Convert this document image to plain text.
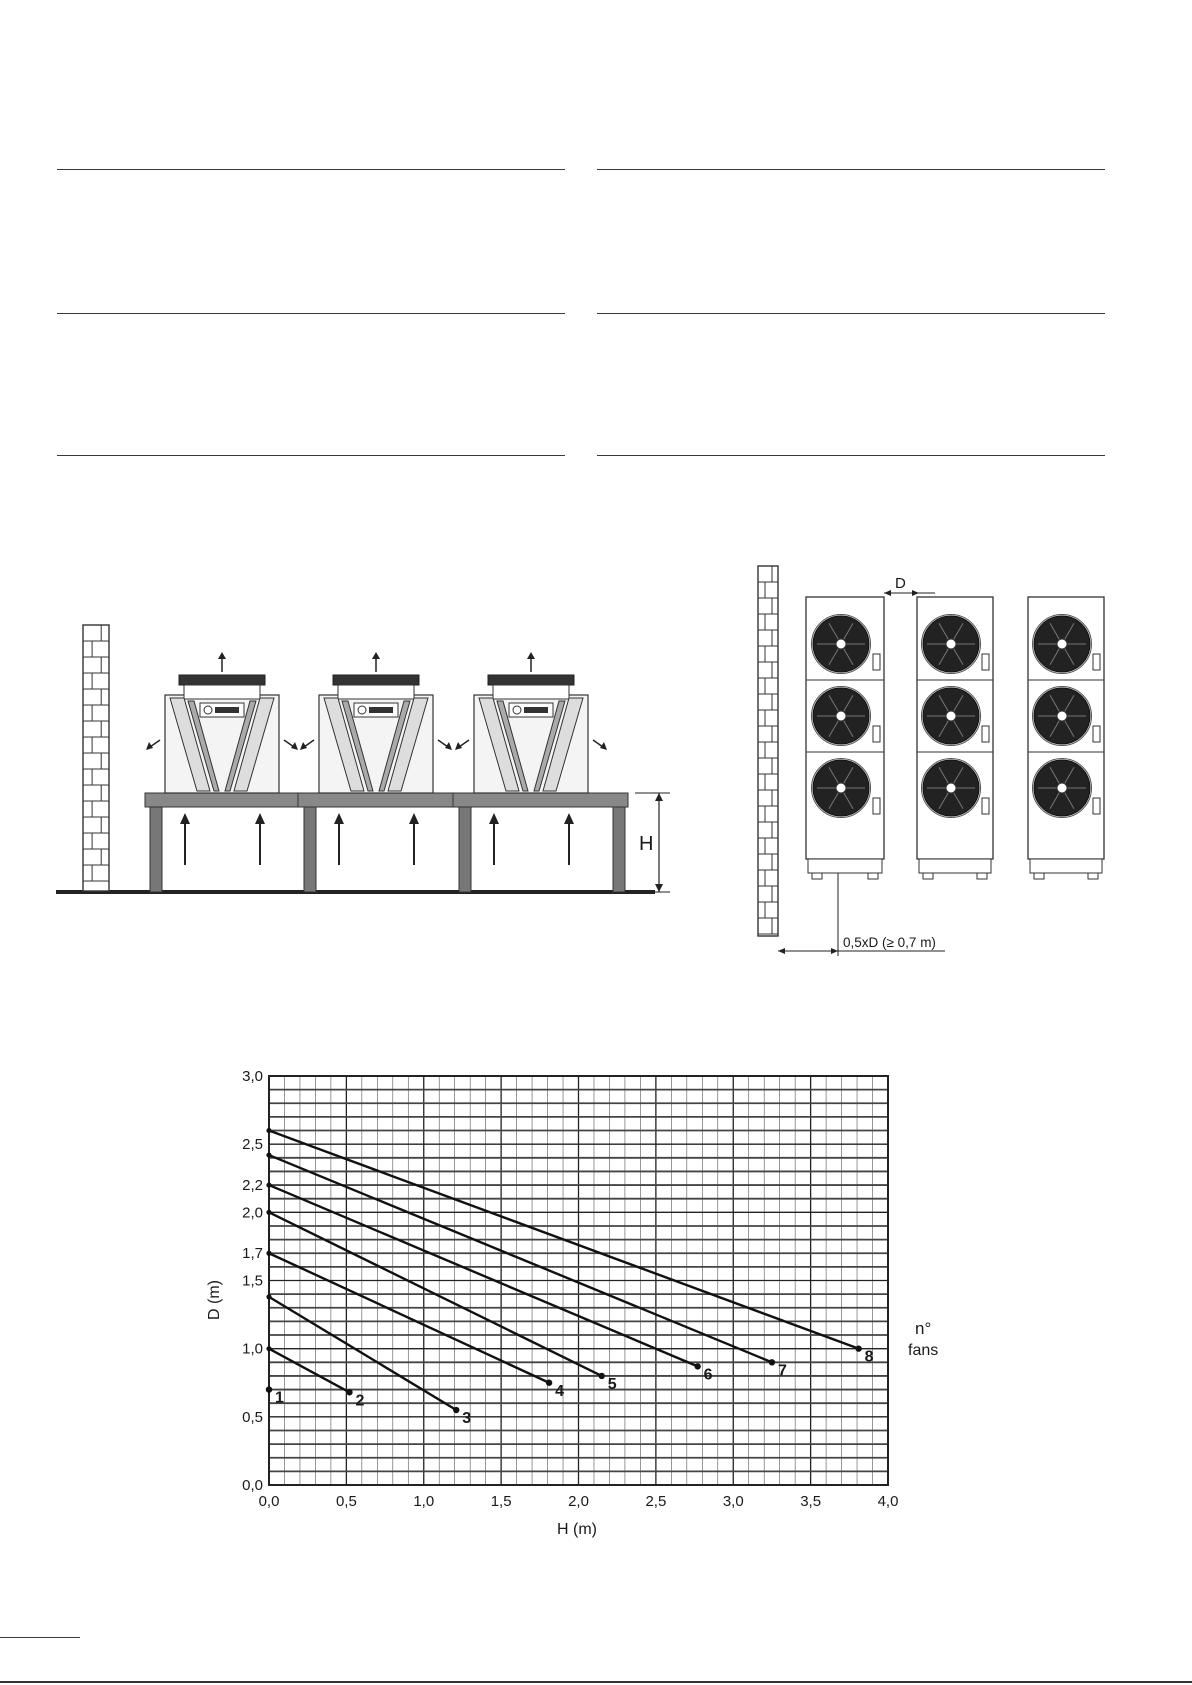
H
D
0,5xD (≥ 0,7 m)
1	2
3
4	5
6	7
8
0,0	0,5	1,0	1,5	2,0	2,5	3,0	3,5	4,0
0,0
0,5
1,0
1,5
1,7
2,0
2,2
2,5
3,0
D (m)
H (m)
n°
fans
